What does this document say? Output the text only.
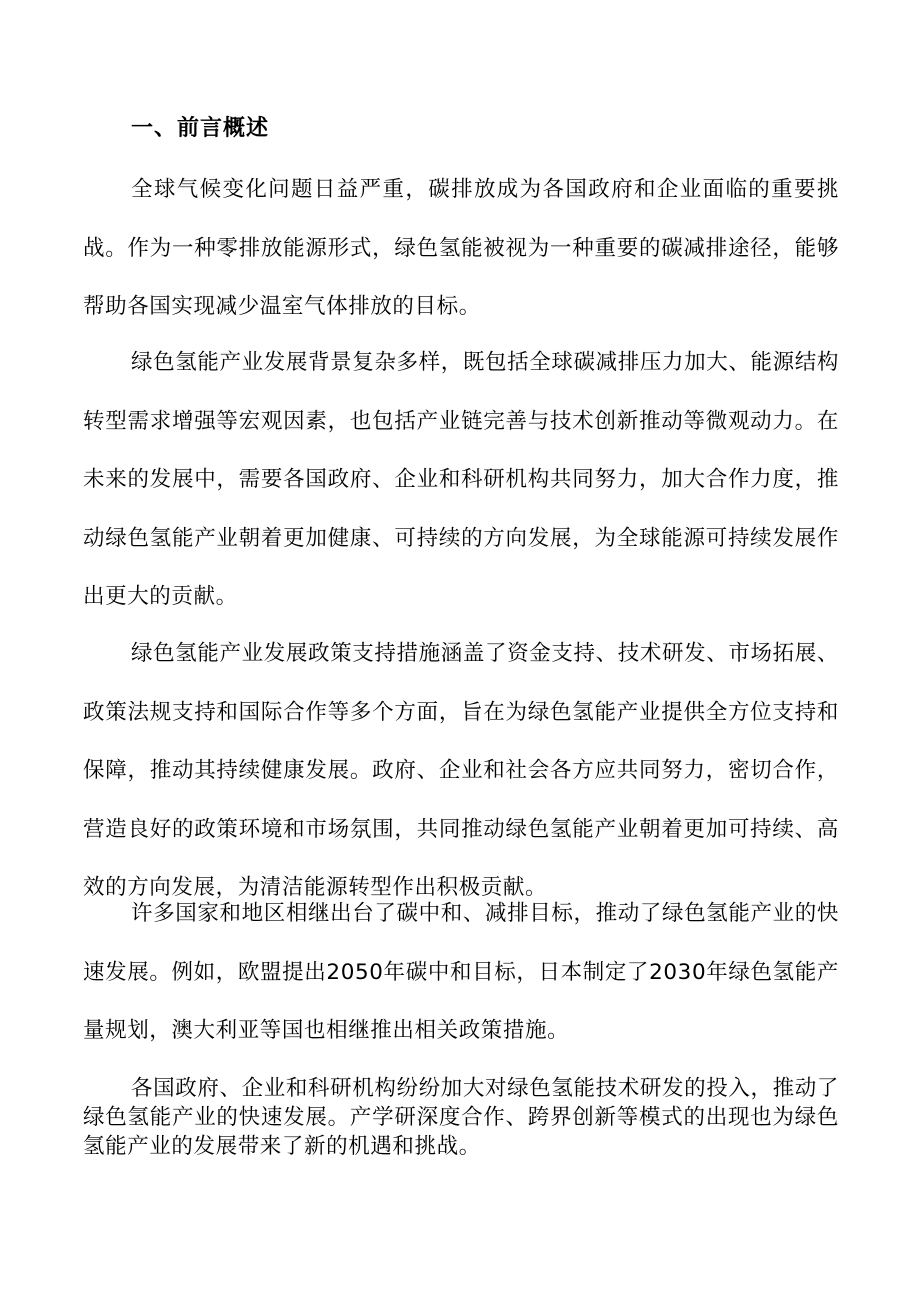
一、前言概述

全球气候变化问题日益严重，碳排放成为各国政府和企业面临的重要挑战。作为一种零排放能源形式，绿色氢能被视为一种重要的碳减排途径，能够帮助各国实现减少温室气体排放的目标。

绿色氢能产业发展背景复杂多样，既包括全球碳减排压力加大、能源结构转型需求增强等宏观因素，也包括产业链完善与技术创新推动等微观动力。在未来的发展中，需要各国政府、企业和科研机构共同努力，加大合作力度，推动绿色氢能产业朝着更加健康、可持续的方向发展，为全球能源可持续发展作出更大的贡献。

绿色氢能产业发展政策支持措施涵盖了资金支持、技术研发、市场拓展、政策法规支持和国际合作等多个方面，旨在为绿色氢能产业提供全方位支持和保障，推动其持续健康发展。政府、企业和社会各方应共同努力，密切合作，营造良好的政策环境和市场氛围，共同推动绿色氢能产业朝着更加可持续、高效的方向发展，为清洁能源转型作出积极贡献。

许多国家和地区相继出台了碳中和、减排目标，推动了绿色氢能产业的快速发展。例如，欧盟提出2050年碳中和目标，日本制定了2030年绿色氢能产量规划，澳大利亚等国也相继推出相关政策措施。

各国政府、企业和科研机构纷纷加大对绿色氢能技术研发的投入，推动了绿色氢能产业的快速发展。产学研深度合作、跨界创新等模式的出现也为绿色氢能产业的发展带来了新的机遇和挑战。
